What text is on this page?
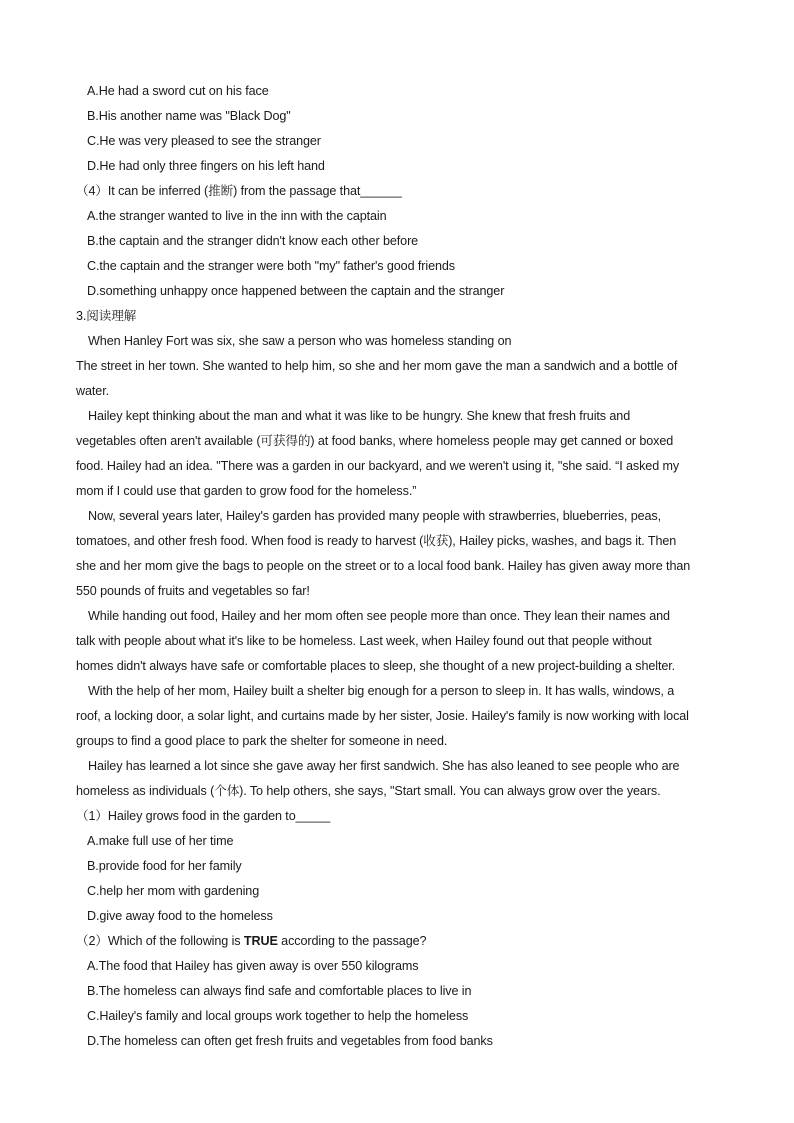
A.He had a sword cut on his face
B.His another name was "Black Dog"
C.He was very pleased to see the stranger
D.He had only three fingers on his left hand
（4）It can be inferred (推断) from the passage that______
A.the stranger wanted to live in the inn with the captain
B.the captain and the stranger didn't know each other before
C.the captain and the stranger were both "my" father's good friends
D.something unhappy once happened between the captain and the stranger
3.阅读理解
When Hanley Fort was six, she saw a person who was homeless standing on
The street in her town. She wanted to help him, so she and her mom gave the man a sandwich and a bottle of
water.
Hailey kept thinking about the man and what it was like to be hungry. She knew that fresh fruits and
vegetables often aren't available (可获得的) at food banks, where homeless people may get canned or boxed
food. Hailey had an idea. "There was a garden in our backyard, and we weren't using it, "she said. “I asked my
mom if I could use that garden to grow food for the homeless.”
Now, several years later, Hailey's garden has provided many people with strawberries, blueberries, peas,
tomatoes, and other fresh food. When food is ready to harvest (收获), Hailey picks, washes, and bags it. Then
she and her mom give the bags to people on the street or to a local food bank. Hailey has given away more than
550 pounds of fruits and vegetables so far!
While handing out food, Hailey and her mom often see people more than once. They lean their names and
talk with people about what it's like to be homeless. Last week, when Hailey found out that people without
homes didn't always have safe or comfortable places to sleep, she thought of a new project-building a shelter.
With the help of her mom, Hailey built a shelter big enough for a person to sleep in. It has walls, windows, a
roof, a locking door, a solar light, and curtains made by her sister, Josie. Hailey's family is now working with local
groups to find a good place to park the shelter for someone in need.
Hailey has learned a lot since she gave away her first sandwich. She has also leaned to see people who are
homeless as individuals (个体). To help others, she says, "Start small. You can always grow over the years.
（1）Hailey grows food in the garden to_____
A.make full use of her time
B.provide food for her family
C.help her mom with gardening
D.give away food to the homeless
（2）Which of the following is TRUE according to the passage?
A.The food that Hailey has given away is over 550 kilograms
B.The homeless can always find safe and comfortable places to live in
C.Hailey's family and local groups work together to help the homeless
D.The homeless can often get fresh fruits and vegetables from food banks
